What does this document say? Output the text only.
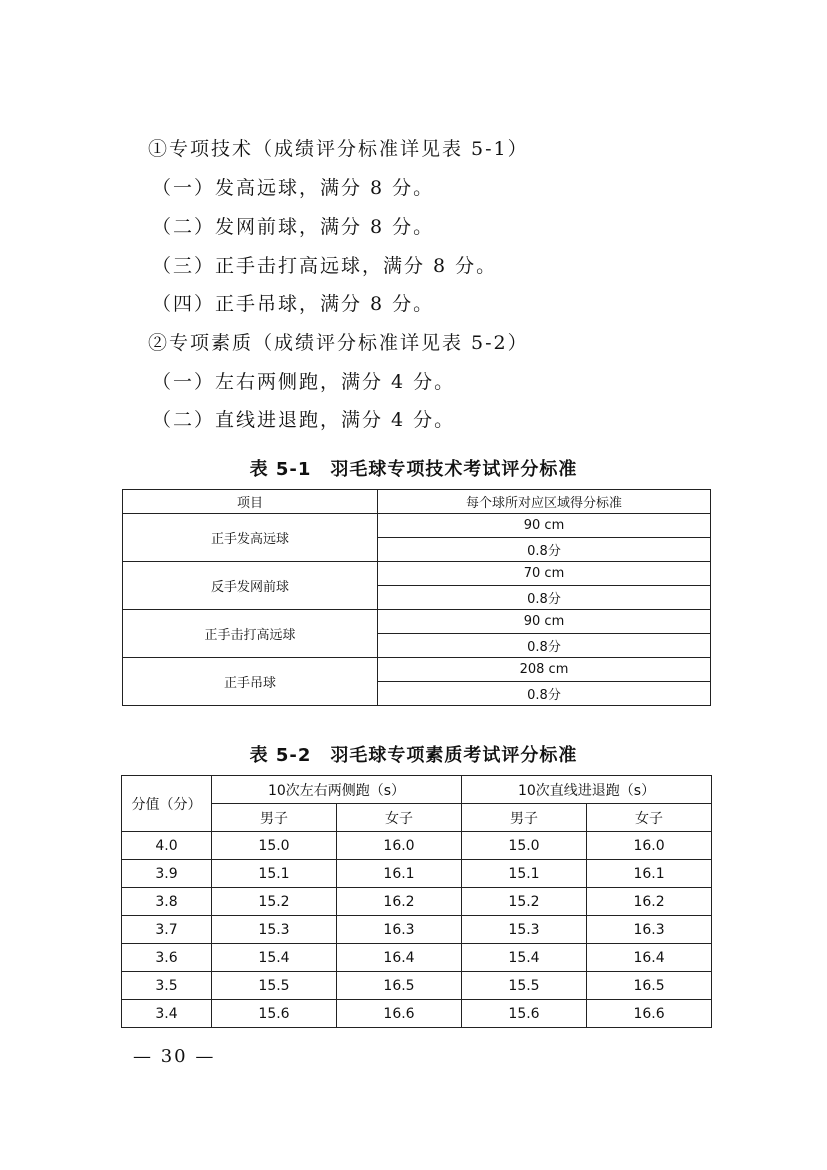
①专项技术（成绩评分标准详见表 5-1）
（一）发高远球，满分 8 分。
（二）发网前球，满分 8 分。
（三）正手击打高远球，满分 8 分。
（四）正手吊球，满分 8 分。
②专项素质（成绩评分标准详见表 5-2）
（一）左右两侧跑，满分 4 分。
（二）直线进退跑，满分 4 分。
表 5-1　羽毛球专项技术考试评分标准
项目	每个球所对应区域得分标准
正手发高远球	90 cm
	0.8分
反手发网前球	70 cm
	0.8分
正手击打高远球	90 cm
	0.8分
正手吊球	208 cm
	0.8分
表 5-2　羽毛球专项素质考试评分标准
分值（分）	10次左右两侧跑（s）		10次直线进退跑（s）	
	男子	女子	男子	女子
4.0	15.0	16.0	15.0	16.0
3.9	15.1	16.1	15.1	16.1
3.8	15.2	16.2	15.2	16.2
3.7	15.3	16.3	15.3	16.3
3.6	15.4	16.4	15.4	16.4
3.5	15.5	16.5	15.5	16.5
3.4	15.6	16.6	15.6	16.6
— 30 —
